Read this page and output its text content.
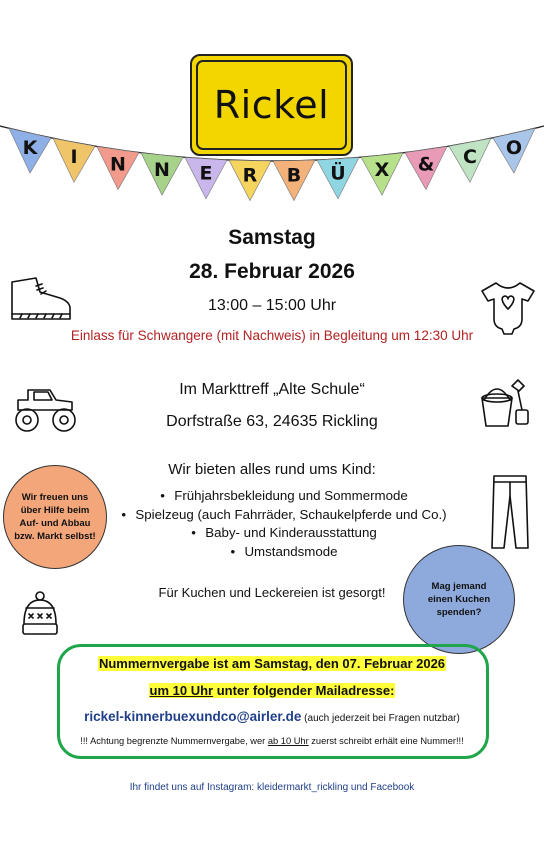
Rickel
K I N N E R B Ü X & C O
Samstag
28. Februar 2026
13:00 – 15:00 Uhr
Einlass für Schwangere (mit Nachweis) in Begleitung um 12:30 Uhr
Im Markttreff „Alte Schule“
Dorfstraße 63, 24635 Rickling
Wir bieten alles rund ums Kind:
• Frühjahrsbekleidung und Sommermode
• Spielzeug (auch Fahrräder, Schaukelpferde und Co.)
• Baby- und Kinderausstattung
• Umstandsmode
Für Kuchen und Leckereien ist gesorgt!
Wir freuen uns über Hilfe beim Auf- und Abbau bzw. Markt selbst!
Mag jemand einen Kuchen spenden?
Nummernvergabe ist am Samstag, den 07. Februar 2026
um 10 Uhr unter folgender Mailadresse:
rickel-kinnerbuexundco@airler.de (auch jederzeit bei Fragen nutzbar)
!!! Achtung begrenzte Nummernvergabe, wer ab 10 Uhr zuerst schreibt erhält eine Nummer!!!
Ihr findet uns auf Instagram: kleidermarkt_rickling und Facebook
